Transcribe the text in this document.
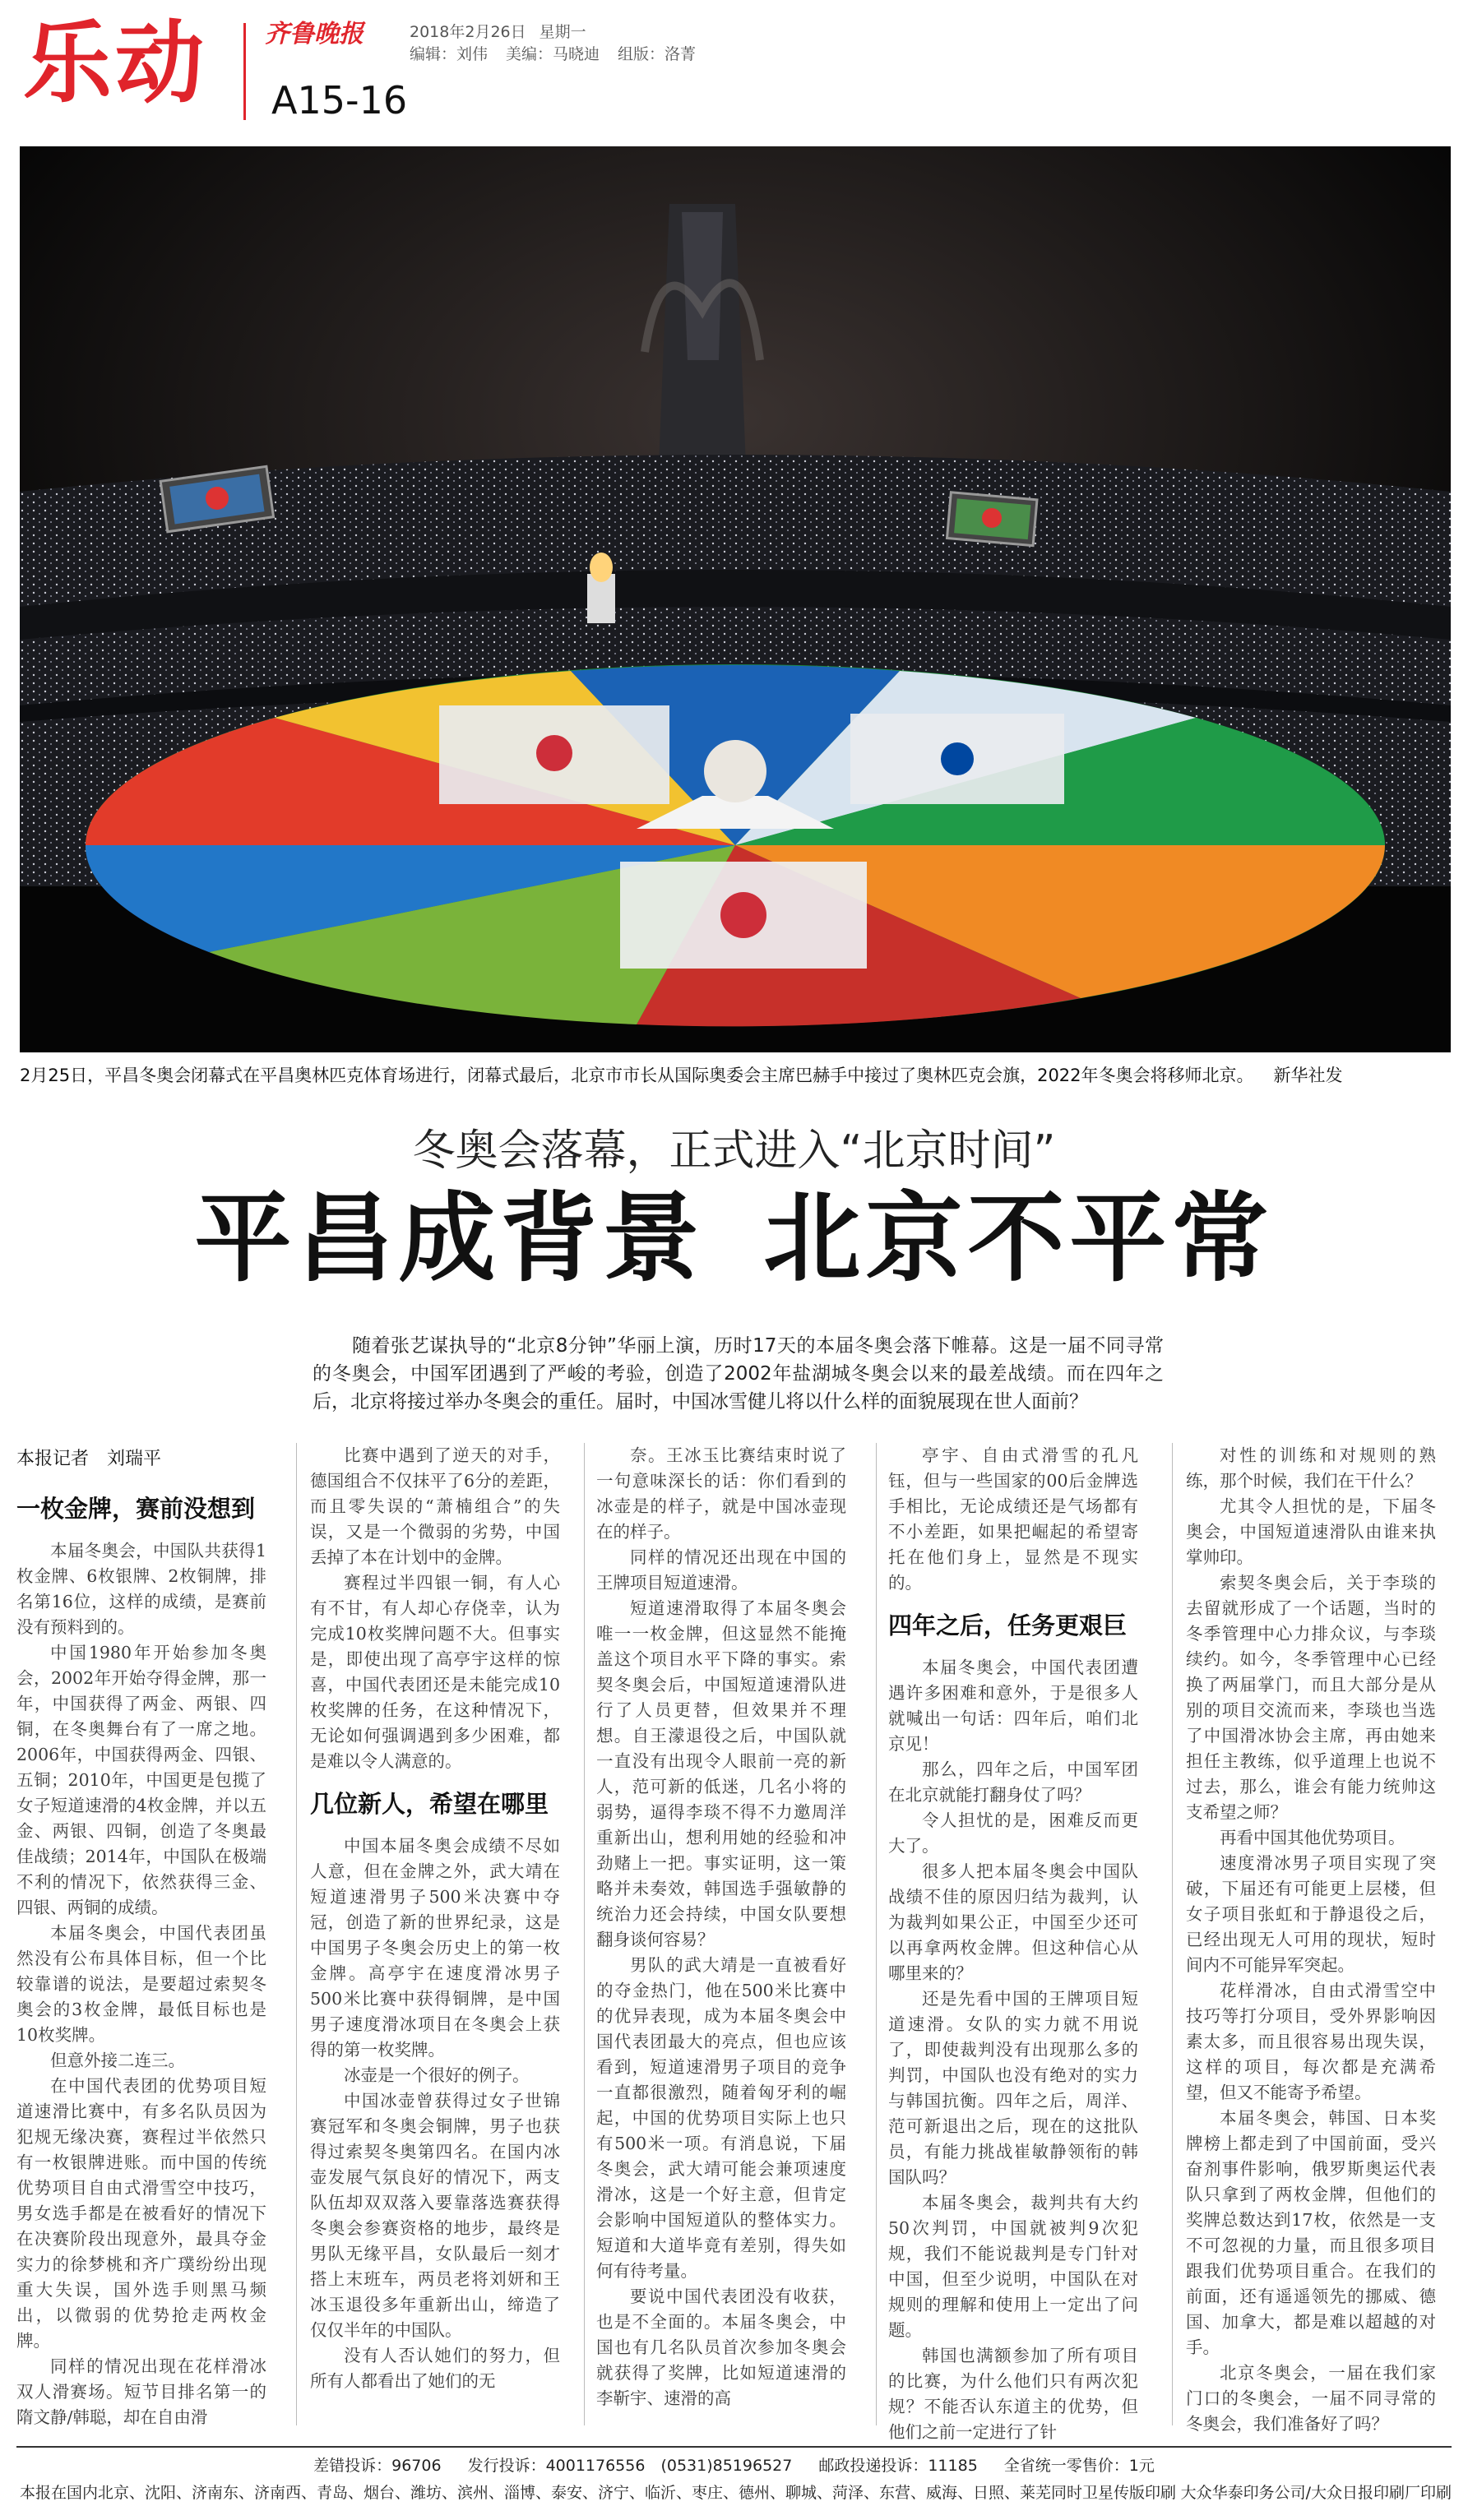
乐动 齐鲁晚报	2018年2月26日 星期一
编辑：刘伟 美编：马晓迪 组版：洛菁
A15-16
2月25日，平昌冬奥会闭幕式在平昌奥林匹克体育场进行，闭幕式最后，北京市市长从国际奥委会主席巴赫手中接过了奥林匹克会旗，2022年冬奥会将移师北京。 新华社发
冬奥会落幕，正式进入“北京时间”
平昌成背景 北京不平常
随着张艺谋执导的“北京8分钟”华丽上演，历时17天的本届冬奥会落下帷幕。这是一届不同寻常的冬奥会，中国军团遇到了严峻的考验，创造了2002年盐湖城冬奥会以来的最差战绩。而在四年之后，北京将接过举办冬奥会的重任。届时，中国冰雪健儿将以什么样的面貌展现在世人面前？

本报记者　刘瑞平

一枚金牌，赛前没想到

本届冬奥会，中国队共获得1枚金牌、6枚银牌、2枚铜牌，排名第16位，这样的成绩，是赛前没有预料到的。

中国1980年开始参加冬奥会，2002年开始夺得金牌，那一年，中国获得了两金、两银、四铜，在冬奥舞台有了一席之地。2006年，中国获得两金、四银、五铜；2010年，中国更是包揽了女子短道速滑的4枚金牌，并以五金、两银、四铜，创造了冬奥最佳战绩；2014年，中国队在极端不利的情况下，依然获得三金、四银、两铜的成绩。

本届冬奥会，中国代表团虽然没有公布具体目标，但一个比较靠谱的说法，是要超过索契冬奥会的3枚金牌，最低目标也是10枚奖牌。

但意外接二连三。

在中国代表团的优势项目短道速滑比赛中，有多名队员因为犯规无缘决赛，赛程过半依然只有一枚银牌进账。而中国的传统优势项目自由式滑雪空中技巧，男女选手都是在被看好的情况下在决赛阶段出现意外，最具夺金实力的徐梦桃和齐广璞纷纷出现重大失误，国外选手则黑马频出，以微弱的优势抢走两枚金牌。

同样的情况出现在花样滑冰双人滑赛场。短节目排名第一的隋文静/韩聪，却在自由滑

比赛中遇到了逆天的对手，德国组合不仅抹平了6分的差距，而且零失误的“萧楠组合”的失误，又是一个微弱的劣势，中国丢掉了本在计划中的金牌。

赛程过半四银一铜，有人心有不甘，有人却心存侥幸，认为完成10枚奖牌问题不大。但事实是，即使出现了高亭宇这样的惊喜，中国代表团还是未能完成10枚奖牌的任务，在这种情况下，无论如何强调遇到多少困难，都是难以令人满意的。

几位新人，希望在哪里

中国本届冬奥会成绩不尽如人意，但在金牌之外，武大靖在短道速滑男子500米决赛中夺冠，创造了新的世界纪录，这是中国男子冬奥会历史上的第一枚金牌。高亭宇在速度滑冰男子500米比赛中获得铜牌，是中国男子速度滑冰项目在冬奥会上获得的第一枚奖牌。

冰壶是一个很好的例子。

中国冰壶曾获得过女子世锦赛冠军和冬奥会铜牌，男子也获得过索契冬奥第四名。在国内冰壶发展气氛良好的情况下，两支队伍却双双落入要靠落选赛获得冬奥会参赛资格的地步，最终是男队无缘平昌，女队最后一刻才搭上末班车，两员老将刘妍和王冰玉退役多年重新出山，缔造了仅仅半年的中国队。

没有人否认她们的努力，但所有人都看出了她们的无

奈。王冰玉比赛结束时说了一句意味深长的话：你们看到的冰壶是的样子，就是中国冰壶现在的样子。

同样的情况还出现在中国的王牌项目短道速滑。

短道速滑取得了本届冬奥会唯一一枚金牌，但这显然不能掩盖这个项目水平下降的事实。索契冬奥会后，中国短道速滑队进行了人员更替，但效果并不理想。自王濛退役之后，中国队就一直没有出现令人眼前一亮的新人，范可新的低迷，几名小将的弱势，逼得李琰不得不力邀周洋重新出山，想利用她的经验和冲劲赌上一把。事实证明，这一策略并未奏效，韩国选手强敏静的统治力还会持续，中国女队要想翻身谈何容易？

男队的武大靖是一直被看好的夺金热门，他在500米比赛中的优异表现，成为本届冬奥会中国代表团最大的亮点，但也应该看到，短道速滑男子项目的竞争一直都很激烈，随着匈牙利的崛起，中国的优势项目实际上也只有500米一项。有消息说，下届冬奥会，武大靖可能会兼项速度滑冰，这是一个好主意，但肯定会影响中国短道队的整体实力。短道和大道毕竟有差别，得失如何有待考量。

要说中国代表团没有收获，也是不全面的。本届冬奥会，中国也有几名队员首次参加冬奥会就获得了奖牌，比如短道速滑的李靳宇、速滑的高

亭宇、自由式滑雪的孔凡钰，但与一些国家的00后金牌选手相比，无论成绩还是气场都有不小差距，如果把崛起的希望寄托在他们身上，显然是不现实的。

四年之后，任务更艰巨

本届冬奥会，中国代表团遭遇许多困难和意外，于是很多人就喊出一句话：四年后，咱们北京见！

那么，四年之后，中国军团在北京就能打翻身仗了吗？

令人担忧的是，困难反而更大了。

很多人把本届冬奥会中国队战绩不佳的原因归结为裁判，认为裁判如果公正，中国至少还可以再拿两枚金牌。但这种信心从哪里来的？

还是先看中国的王牌项目短道速滑。女队的实力就不用说了，即使裁判没有出现那么多的判罚，中国队也没有绝对的实力与韩国抗衡。四年之后，周洋、范可新退出之后，现在的这批队员，有能力挑战崔敏静领衔的韩国队吗？

本届冬奥会，裁判共有大约50次判罚，中国就被判9次犯规，我们不能说裁判是专门针对中国，但至少说明，中国队在对规则的理解和使用上一定出了问题。

韩国也满额参加了所有项目的比赛，为什么他们只有两次犯规？不能否认东道主的优势，但他们之前一定进行了针

对性的训练和对规则的熟练，那个时候，我们在干什么？

尤其令人担忧的是，下届冬奥会，中国短道速滑队由谁来执掌帅印。

索契冬奥会后，关于李琰的去留就形成了一个话题，当时的冬季管理中心力排众议，与李琰续约。如今，冬季管理中心已经换了两届掌门，而且大部分是从别的项目交流而来，李琰也当选了中国滑冰协会主席，再由她来担任主教练，似乎道理上也说不过去，那么，谁会有能力统帅这支希望之师？

再看中国其他优势项目。

速度滑冰男子项目实现了突破，下届还有可能更上层楼，但女子项目张虹和于静退役之后，已经出现无人可用的现状，短时间内不可能异军突起。

花样滑冰，自由式滑雪空中技巧等打分项目，受外界影响因素太多，而且很容易出现失误，这样的项目，每次都是充满希望，但又不能寄予希望。

本届冬奥会，韩国、日本奖牌榜上都走到了中国前面，受兴奋剂事件影响，俄罗斯奥运代表队只拿到了两枚金牌，但他们的奖牌总数达到17枚，依然是一支不可忽视的力量，而且很多项目跟我们优势项目重合。在我们的前面，还有遥遥领先的挪威、德国、加拿大，都是难以超越的对手。

北京冬奥会，一届在我们家门口的冬奥会，一届不同寻常的冬奥会，我们准备好了吗？

差错投诉：96706 发行投诉：4001176556　(0531)85196527 邮政投递投诉：11185 全省统一零售价：1元
本报在国内北京、沈阳、济南东、济南西、青岛、烟台、潍坊、滨州、淄博、泰安、济宁、临沂、枣庄、德州、聊城、菏泽、东营、威海、日照、莱芜同时卫星传版印刷 大众华泰印务公司/大众日报印刷厂印刷
